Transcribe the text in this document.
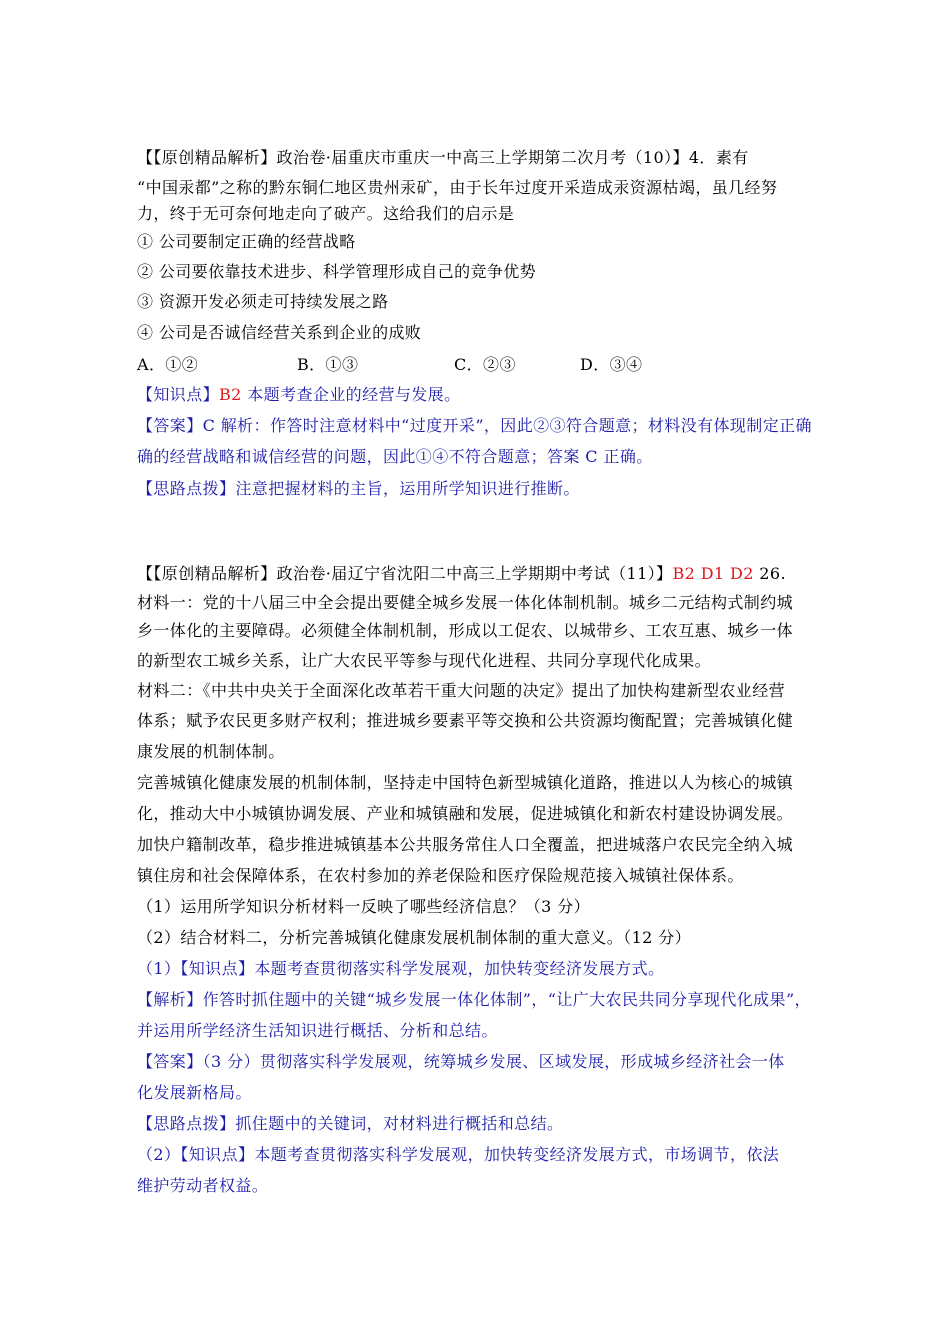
【【原创精品解析】政治卷·届重庆市重庆一中高三上学期第二次月考（10）】4．素有
“中国汞都”之称的黔东铜仁地区贵州汞矿，由于长年过度开采造成汞资源枯竭，虽几经努
力，终于无可奈何地走向了破产。这给我们的启示是
① 公司要制定正确的经营战略
② 公司要依靠技术进步、科学管理形成自己的竞争优势
③ 资源开发必须走可持续发展之路
④ 公司是否诚信经营关系到企业的成败
A．①②	B．①③	C．②③	D．③④
【知识点】B2 本题考查企业的经营与发展。
【答案】C 解析：作答时注意材料中“过度开采”，因此②③符合题意；材料没有体现制定正确
确的经营战略和诚信经营的问题，因此①④不符合题意；答案 C 正确。
【思路点拨】注意把握材料的主旨，运用所学知识进行推断。
【【原创精品解析】政治卷·届辽宁省沈阳二中高三上学期期中考试（11）】B2 D1 D2 26.
材料一：党的十八届三中全会提出要健全城乡发展一体化体制机制。城乡二元结构式制约城
乡一体化的主要障碍。必须健全体制机制，形成以工促农、以城带乡、工农互惠、城乡一体
的新型农工城乡关系，让广大农民平等参与现代化进程、共同分享现代化成果。
材料二：《中共中央关于全面深化改革若干重大问题的决定》提出了加快构建新型农业经营
体系；赋予农民更多财产权利；推进城乡要素平等交换和公共资源均衡配置；完善城镇化健
康发展的机制体制。
完善城镇化健康发展的机制体制，坚持走中国特色新型城镇化道路，推进以人为核心的城镇
化，推动大中小城镇协调发展、产业和城镇融和发展，促进城镇化和新农村建设协调发展。
加快户籍制改革，稳步推进城镇基本公共服务常住人口全覆盖，把进城落户农民完全纳入城
镇住房和社会保障体系，在农村参加的养老保险和医疗保险规范接入城镇社保体系。
（1）运用所学知识分析材料一反映了哪些经济信息？（3 分）
（2）结合材料二，分析完善城镇化健康发展机制体制的重大意义。（12 分）
（1）【知识点】本题考查贯彻落实科学发展观，加快转变经济发展方式。
【解析】作答时抓住题中的关键“城乡发展一体化体制”，“让广大农民共同分享现代化成果”，
并运用所学经济生活知识进行概括、分析和总结。
【答案】（3 分）贯彻落实科学发展观，统筹城乡发展、区域发展，形成城乡经济社会一体
化发展新格局。
【思路点拨】抓住题中的关键词，对材料进行概括和总结。
（2）【知识点】本题考查贯彻落实科学发展观，加快转变经济发展方式，市场调节，依法
维护劳动者权益。
